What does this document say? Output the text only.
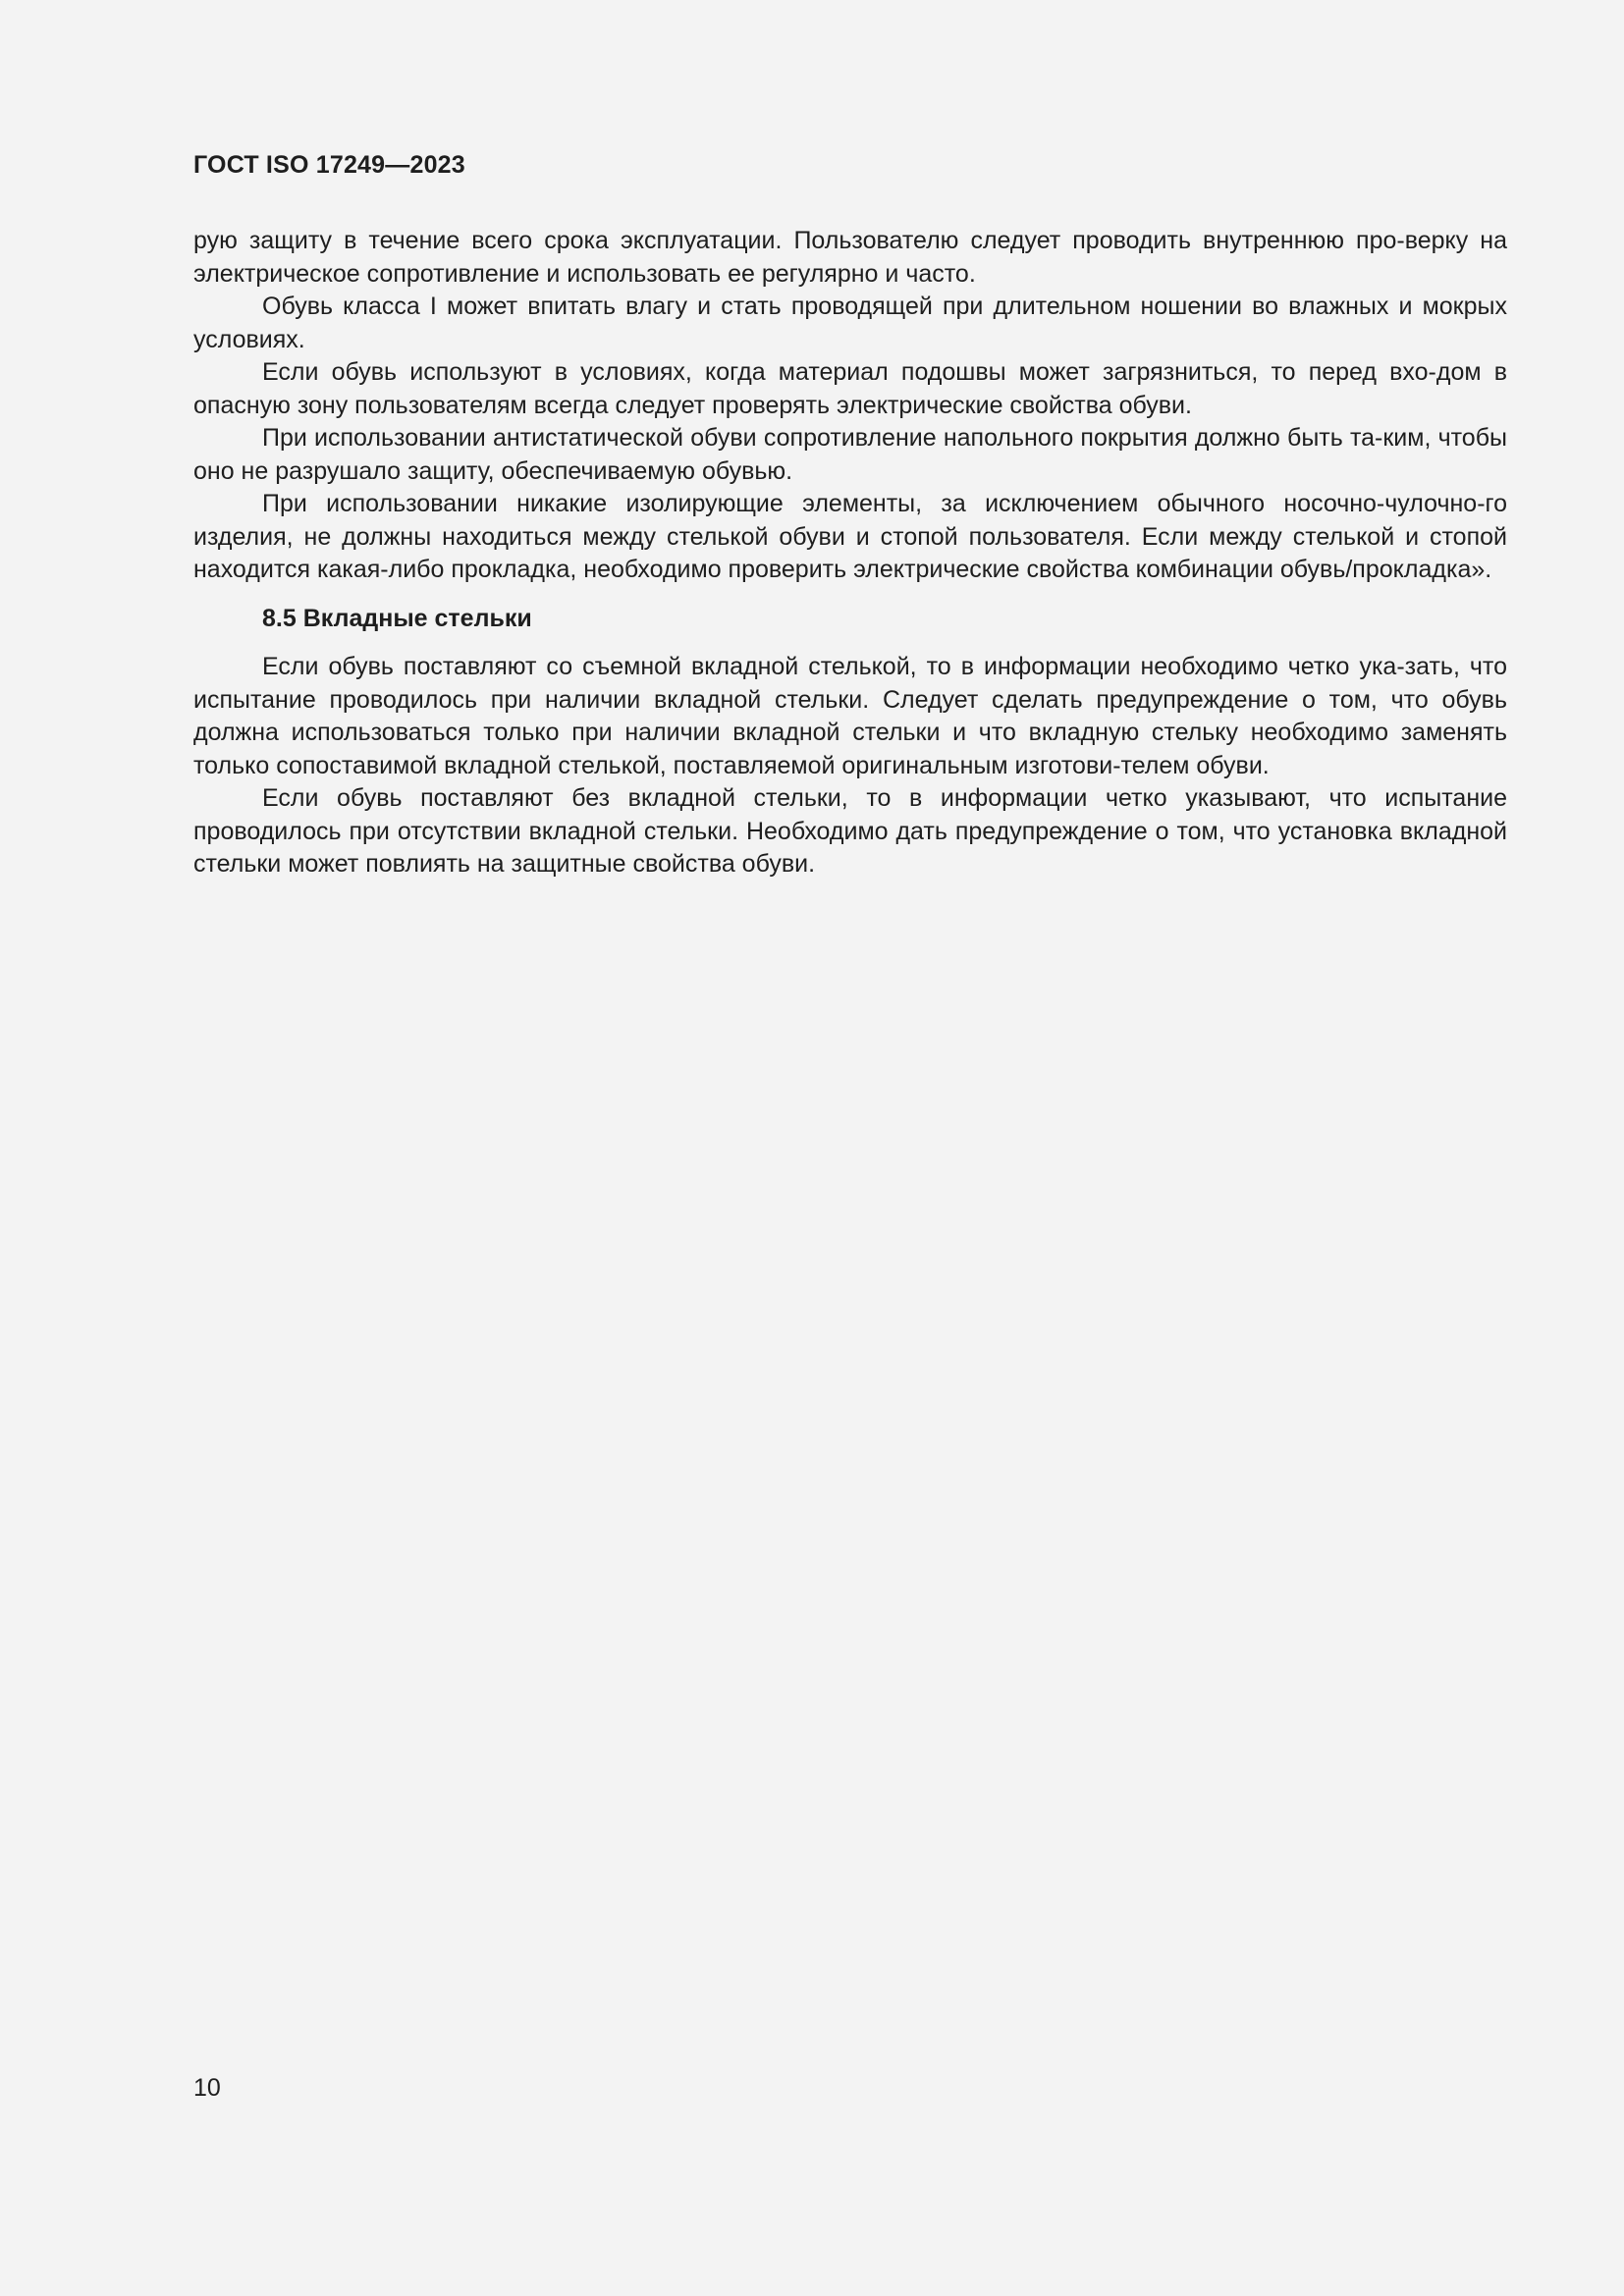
ГОСТ ISO 17249—2023

рую защиту в течение всего срока эксплуатации. Пользователю следует проводить внутреннюю про-верку на электрическое сопротивление и использовать ее регулярно и часто.

Обувь класса I может впитать влагу и стать проводящей при длительном ношении во влажных и мокрых условиях.

Если обувь используют в условиях, когда материал подошвы может загрязниться, то перед вхо-дом в опасную зону пользователям всегда следует проверять электрические свойства обуви.

При использовании антистатической обуви сопротивление напольного покрытия должно быть та-ким, чтобы оно не разрушало защиту, обеспечиваемую обувью.

При использовании никакие изолирующие элементы, за исключением обычного носочно-чулочно-го изделия, не должны находиться между стелькой обуви и стопой пользователя. Если между стелькой и стопой находится какая-либо прокладка, необходимо проверить электрические свойства комбинации обувь/прокладка».

8.5 Вкладные стельки

Если обувь поставляют со съемной вкладной стелькой, то в информации необходимо четко ука-зать, что испытание проводилось при наличии вкладной стельки. Следует сделать предупреждение о том, что обувь должна использоваться только при наличии вкладной стельки и что вкладную стельку необходимо заменять только сопоставимой вкладной стелькой, поставляемой оригинальным изготови-телем обуви.

Если обувь поставляют без вкладной стельки, то в информации четко указывают, что испытание проводилось при отсутствии вкладной стельки. Необходимо дать предупреждение о том, что установка вкладной стельки может повлиять на защитные свойства обуви.

10
